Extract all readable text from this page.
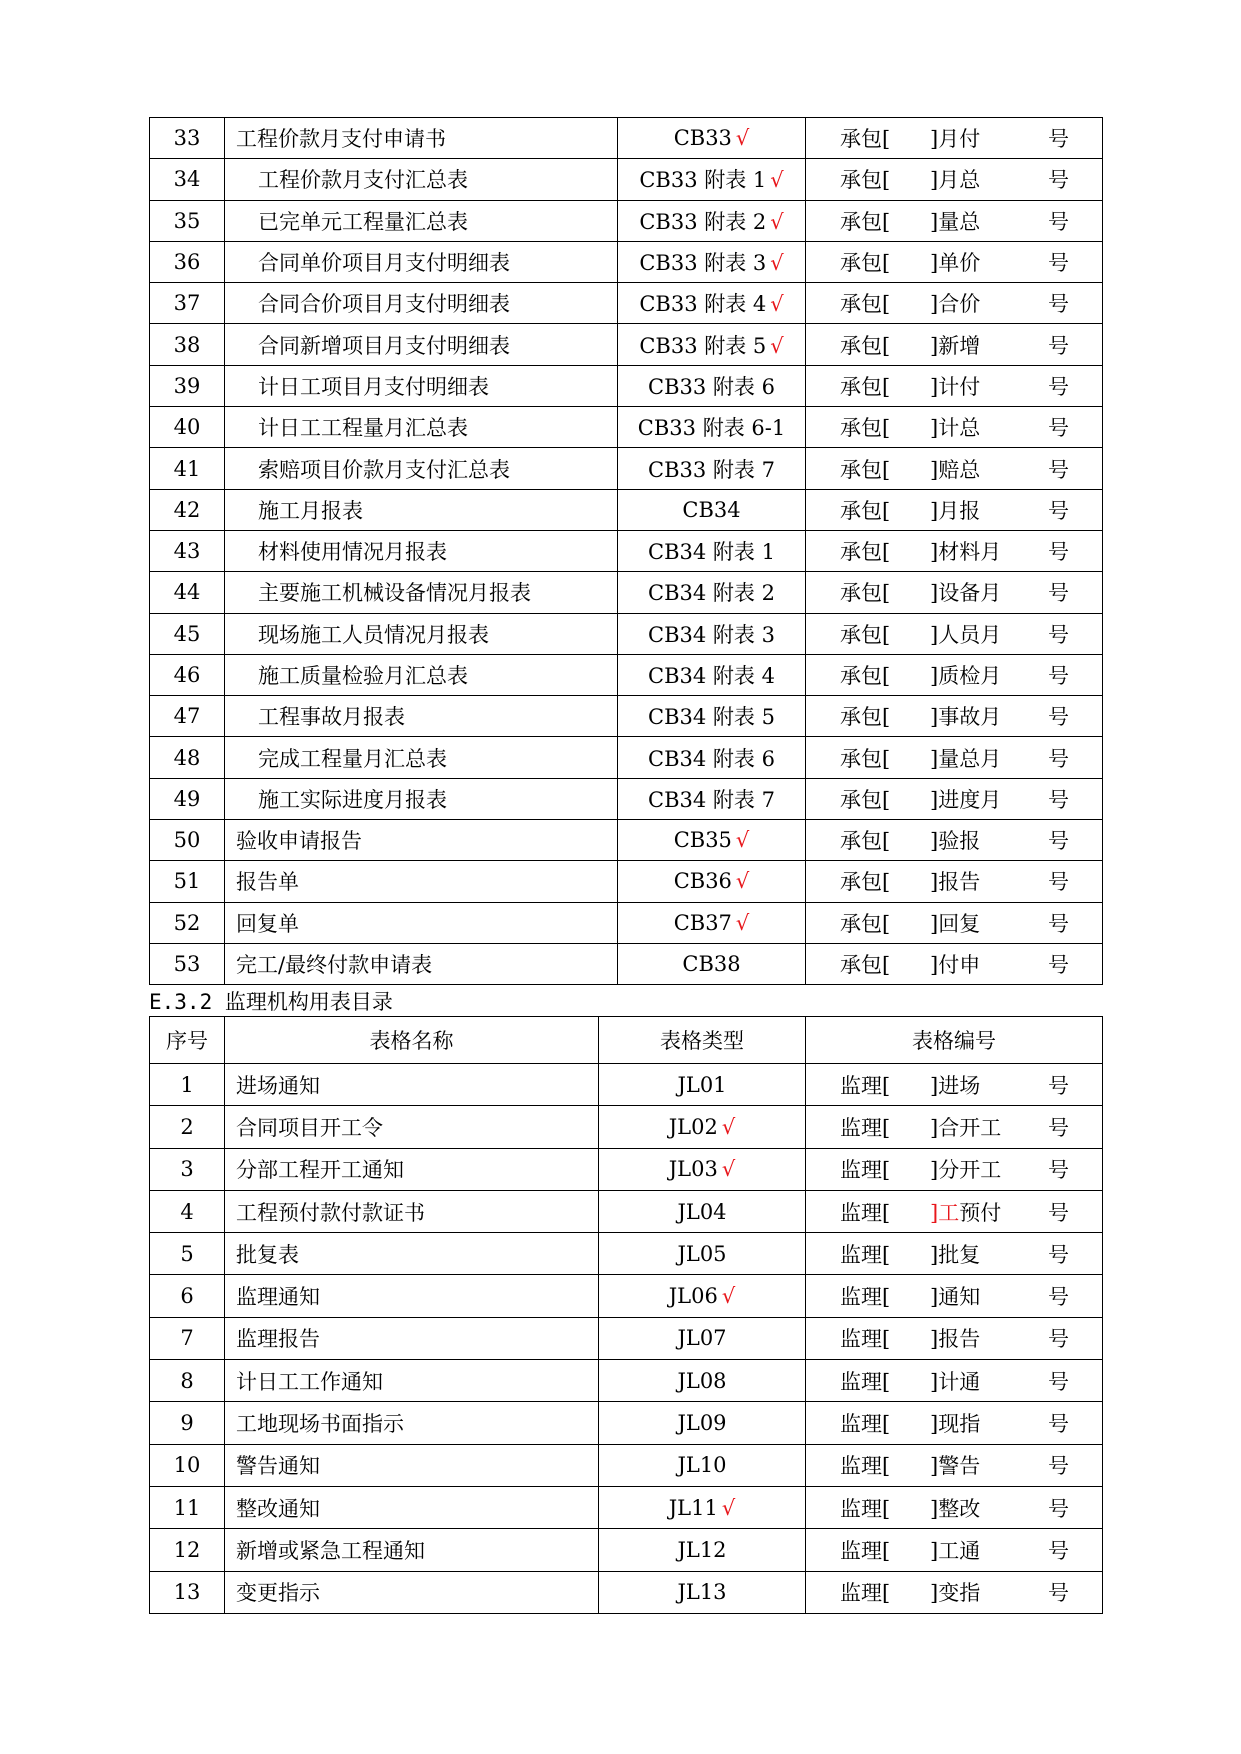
33	工程价款月支付申请书	CB33 √	承包[ ]月付 号

34	工程价款月支付汇总表	CB33 附表 1 √	承包[ ]月总 号

35	已完单元工程量汇总表	CB33 附表 2 √	承包[ ]量总 号

36	合同单价项目月支付明细表	CB33 附表 3 √	承包[ ]单价 号

37	合同合价项目月支付明细表	CB33 附表 4 √	承包[ ]合价 号

38	合同新增项目月支付明细表	CB33 附表 5 √	承包[ ]新增 号

39	计日工项目月支付明细表	CB33 附表 6	承包[ ]计付 号

40	计日工工程量月汇总表	CB33 附表 6-1	承包[ ]计总 号

41	索赔项目价款月支付汇总表	CB33 附表 7	承包[ ]赔总 号

42	施工月报表	CB34	承包[ ]月报 号

43	材料使用情况月报表	CB34 附表 1	承包[ ]材料月 号

44	主要施工机械设备情况月报表	CB34 附表 2	承包[ ]设备月 号

45	现场施工人员情况月报表	CB34 附表 3	承包[ ]人员月 号

46	施工质量检验月汇总表	CB34 附表 4	承包[ ]质检月 号

47	工程事故月报表	CB34 附表 5	承包[ ]事故月 号

48	完成工程量月汇总表	CB34 附表 6	承包[ ]量总月 号

49	施工实际进度月报表	CB34 附表 7	承包[ ]进度月 号

50	验收申请报告	CB35 √	承包[ ]验报 号

51	报告单	CB36 √	承包[ ]报告 号

52	回复单	CB37 √	承包[ ]回复 号

53	完工/最终付款申请表	CB38	承包[ ]付申 号
E.3.2 监理机构用表目录
序号	表格名称	表格类型	表格编号
1	进场通知	JL01	监理[ ]进场 号

2	合同项目开工令	JL02 √	监理[ ]合开工 号

3	分部工程开工通知	JL03 √	监理[ ]分开工 号

4	工程预付款付款证书	JL04	监理[ ]工预付 号

5	批复表	JL05	监理[ ]批复 号

6	监理通知	JL06 √	监理[ ]通知 号

7	监理报告	JL07	监理[ ]报告 号

8	计日工工作通知	JL08	监理[ ]计通 号

9	工地现场书面指示	JL09	监理[ ]现指 号

10	警告通知	JL10	监理[ ]警告 号

11	整改通知	JL11 √	监理[ ]整改 号

12	新增或紧急工程通知	JL12	监理[ ]工通 号

13	变更指示	JL13	监理[ ]变指 号
